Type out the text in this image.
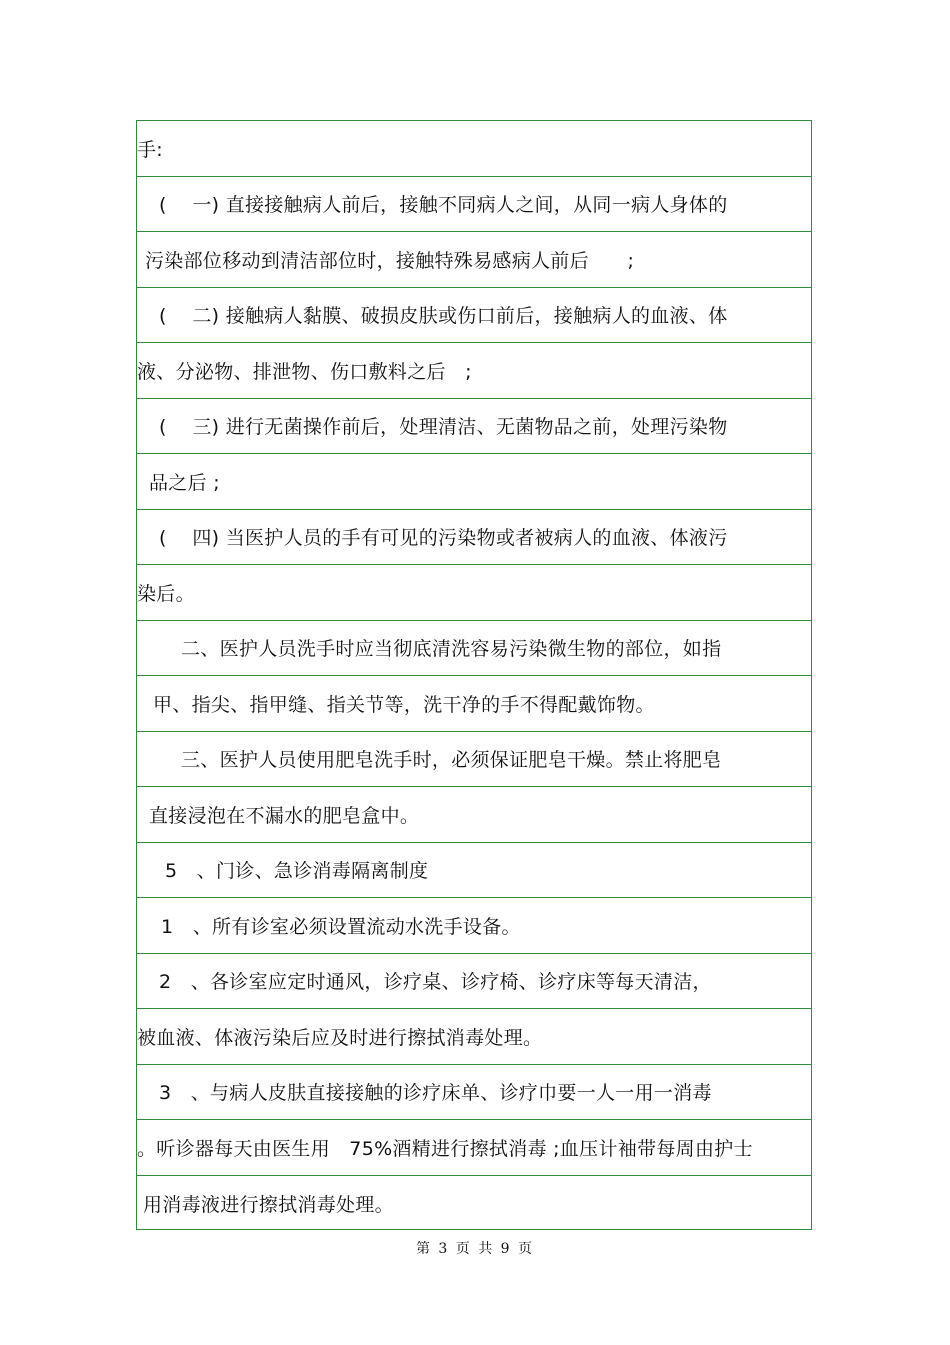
手:
(　 一) 直接接触病人前后，接触不同病人之间，从同一病人身体的
污染部位移动到清洁部位时，接触特殊易感病人前后　　;
(　 二) 接触病人黏膜、破损皮肤或伤口前后，接触病人的血液、体
液、分泌物、排泄物、伤口敷料之后　;
(　 三) 进行无菌操作前后，处理清洁、无菌物品之前，处理污染物
品之后 ;
(　 四) 当医护人员的手有可见的污染物或者被病人的血液、体液污
染后。
二、医护人员洗手时应当彻底清洗容易污染微生物的部位，如指
甲、指尖、指甲缝、指关节等，洗干净的手不得配戴饰物。
三、医护人员使用肥皂洗手时，必须保证肥皂干燥。禁止将肥皂
直接浸泡在不漏水的肥皂盒中。
5　、门诊、急诊消毒隔离制度
1　、所有诊室必须设置流动水洗手设备。
2　、各诊室应定时通风，诊疗桌、诊疗椅、诊疗床等每天清洁，
被血液、体液污染后应及时进行擦拭消毒处理。
3　、与病人皮肤直接接触的诊疗床单、诊疗巾要一人一用一消毒
。听诊器每天由医生用　75%酒精进行擦拭消毒 ;血压计袖带每周由护士
用消毒液进行擦拭消毒处理。
第 3 页 共 9 页
